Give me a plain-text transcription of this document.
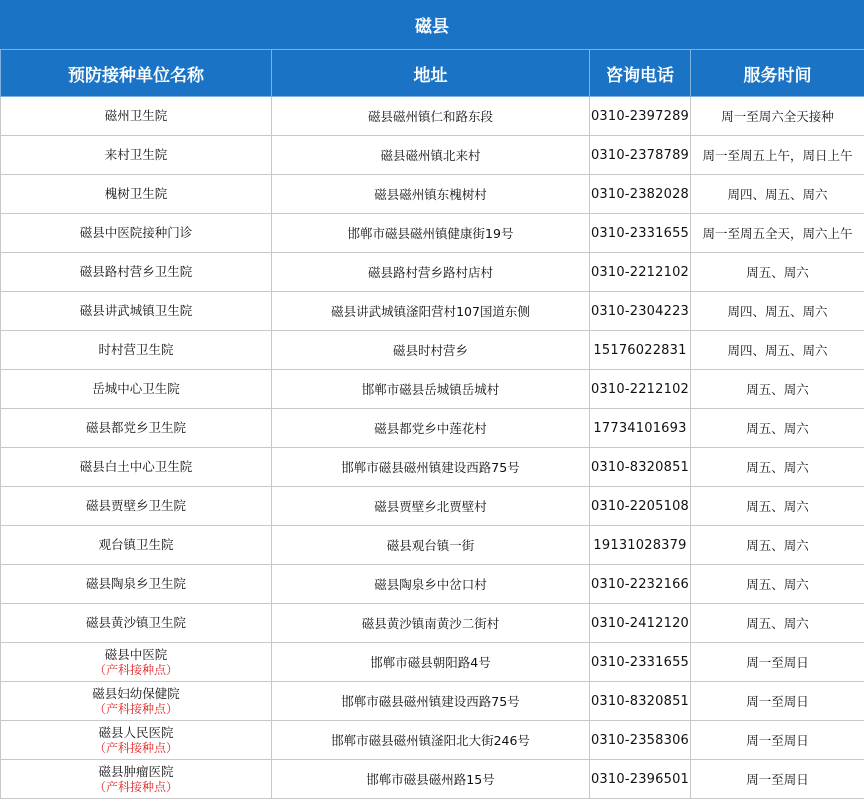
磁县
预防接种单位名称	地址	咨询电话	服务时间

磁州卫生院	磁县磁州镇仁和路东段	0310-2397289	周一至周六全天接种

来村卫生院	磁县磁州镇北来村	0310-2378789	周一至周五上午，周日上午

槐树卫生院	磁县磁州镇东槐树村	0310-2382028	周四、周五、周六

磁县中医院接种门诊	邯郸市磁县磁州镇健康街19号	0310-2331655	周一至周五全天，周六上午

磁县路村营乡卫生院	磁县路村营乡路村店村	0310-2212102	周五、周六

磁县讲武城镇卫生院	磁县讲武城镇滏阳营村107国道东侧	0310-2304223	周四、周五、周六

时村营卫生院	磁县时村营乡	15176022831	周四、周五、周六

岳城中心卫生院	邯郸市磁县岳城镇岳城村	0310-2212102	周五、周六

磁县都党乡卫生院	磁县都党乡中莲花村	17734101693	周五、周六

磁县白土中心卫生院	邯郸市磁县磁州镇建设西路75号	0310-8320851	周五、周六

磁县贾壁乡卫生院	磁县贾壁乡北贾壁村	0310-2205108	周五、周六

观台镇卫生院	磁县观台镇一街	19131028379	周五、周六

磁县陶泉乡卫生院	磁县陶泉乡中岔口村	0310-2232166	周五、周六

磁县黄沙镇卫生院	磁县黄沙镇南黄沙二街村	0310-2412120	周五、周六

磁县中医院
（产科接种点）	邯郸市磁县朝阳路4号	0310-2331655	周一至周日

磁县妇幼保健院
（产科接种点）	邯郸市磁县磁州镇建设西路75号	0310-8320851	周一至周日

磁县人民医院
（产科接种点）	邯郸市磁县磁州镇滏阳北大街246号	0310-2358306	周一至周日

磁县肿瘤医院
（产科接种点）	邯郸市磁县磁州路15号	0310-2396501	周一至周日
